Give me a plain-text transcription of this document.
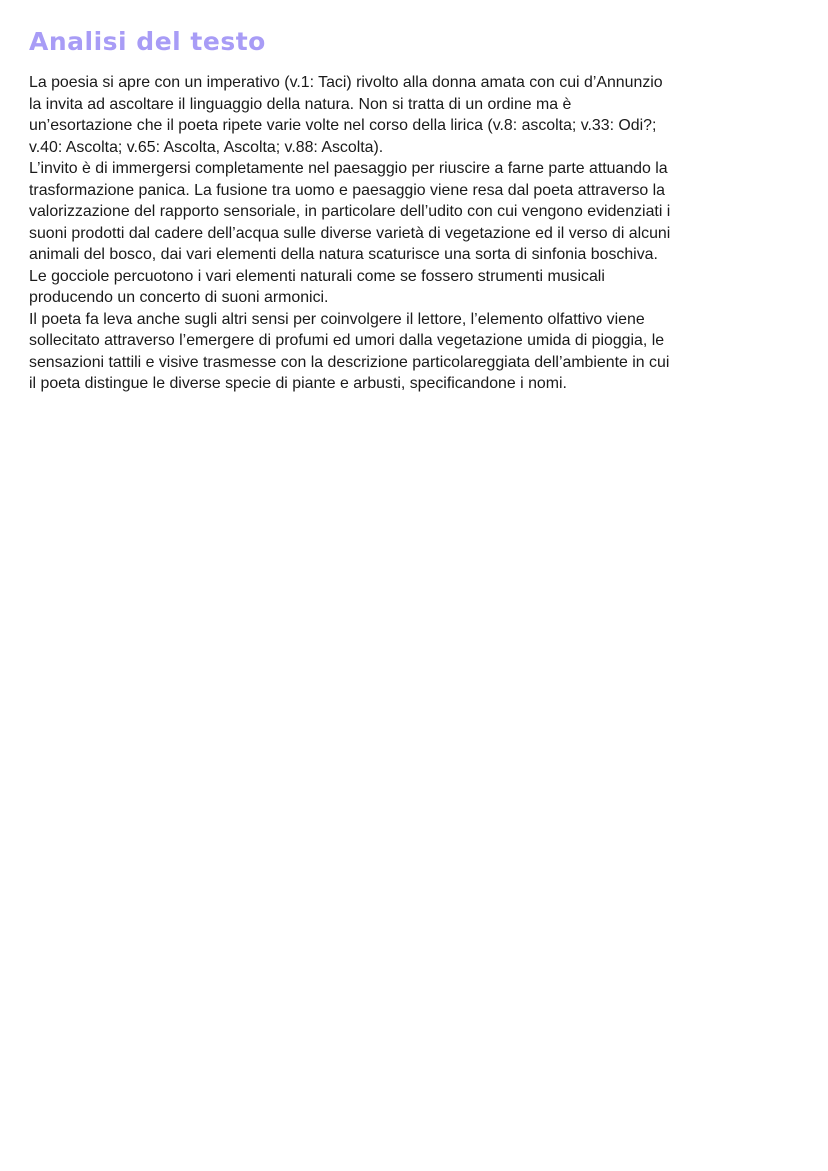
Analisi del testo
La poesia si apre con un imperativo (v.1: Taci) rivolto alla donna amata con cui d’Annunzio
la invita ad ascoltare il linguaggio della natura. Non si tratta di un ordine ma è
un’esortazione che il poeta ripete varie volte nel corso della lirica (v.8: ascolta; v.33: Odi?;
v.40: Ascolta; v.65: Ascolta, Ascolta; v.88: Ascolta).
L’invito è di immergersi completamente nel paesaggio per riuscire a farne parte attuando la
trasformazione panica. La fusione tra uomo e paesaggio viene resa dal poeta attraverso la
valorizzazione del rapporto sensoriale, in particolare dell’udito con cui vengono evidenziati i
suoni prodotti dal cadere dell’acqua sulle diverse varietà di vegetazione ed il verso di alcuni
animali del bosco, dai vari elementi della natura scaturisce una sorta di sinfonia boschiva.
Le gocciole percuotono i vari elementi naturali come se fossero strumenti musicali
producendo un concerto di suoni armonici.
Il poeta fa leva anche sugli altri sensi per coinvolgere il lettore, l’elemento olfattivo viene
sollecitato attraverso l’emergere di profumi ed umori dalla vegetazione umida di pioggia, le
sensazioni tattili e visive trasmesse con la descrizione particolareggiata dell’ambiente in cui
il poeta distingue le diverse specie di piante e arbusti, specificandone i nomi.
